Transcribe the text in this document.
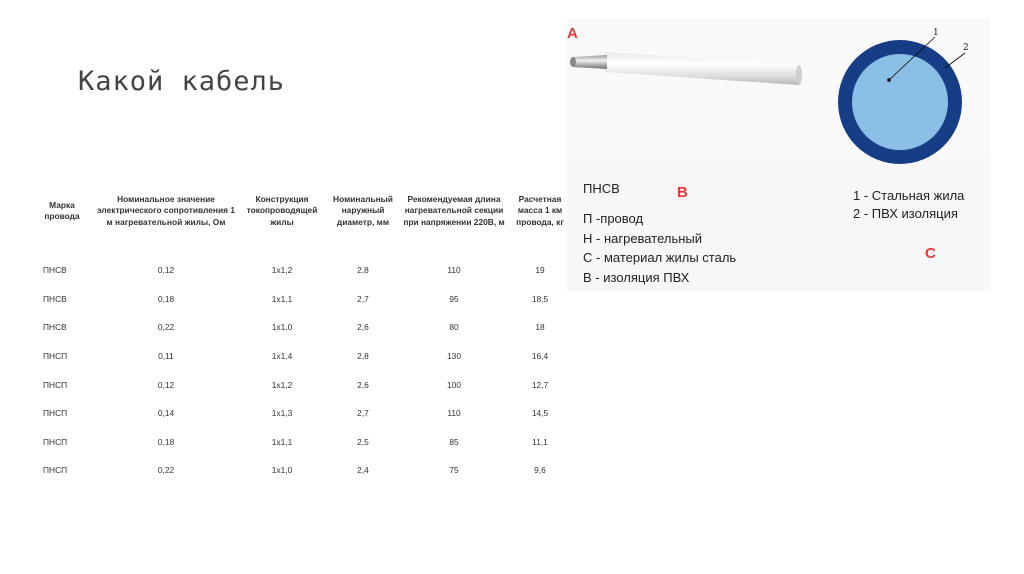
Какой кабель
Марка провода	Номинальное значение электрического сопротивления 1 м нагревательной жилы, Ом	Конструкция токопроводящей жилы	Номинальный наружный диаметр, мм	Рекомендуемая длина нагревательной секции при напряжении 220В, м	Расчетная масса 1 км провода, кг
ПНСВ	0,12	1х1,2	2,8	110	19
ПНСВ	0,18	1х1,1	2,7	95	18,5
ПНСВ	0,22	1х1,0	2,6	80	18
ПНСП	0,11	1х1,4	2,8	130	16,4
ПНСП	0,12	1х1,2	2,6	100	12,7
ПНСП	0,14	1х1,3	2,7	110	14,5
ПНСП	0,18	1х1,1	2,5	85	11,1
ПНСП	0,22	1х1,0	2,4	75	9,6
A	1
2
ПНСВ	B
П -провод
Н - нагревательный
С - материал жилы сталь
В - изоляция ПВХ
1 - Стальная жила
2 - ПВХ изоляция
C
